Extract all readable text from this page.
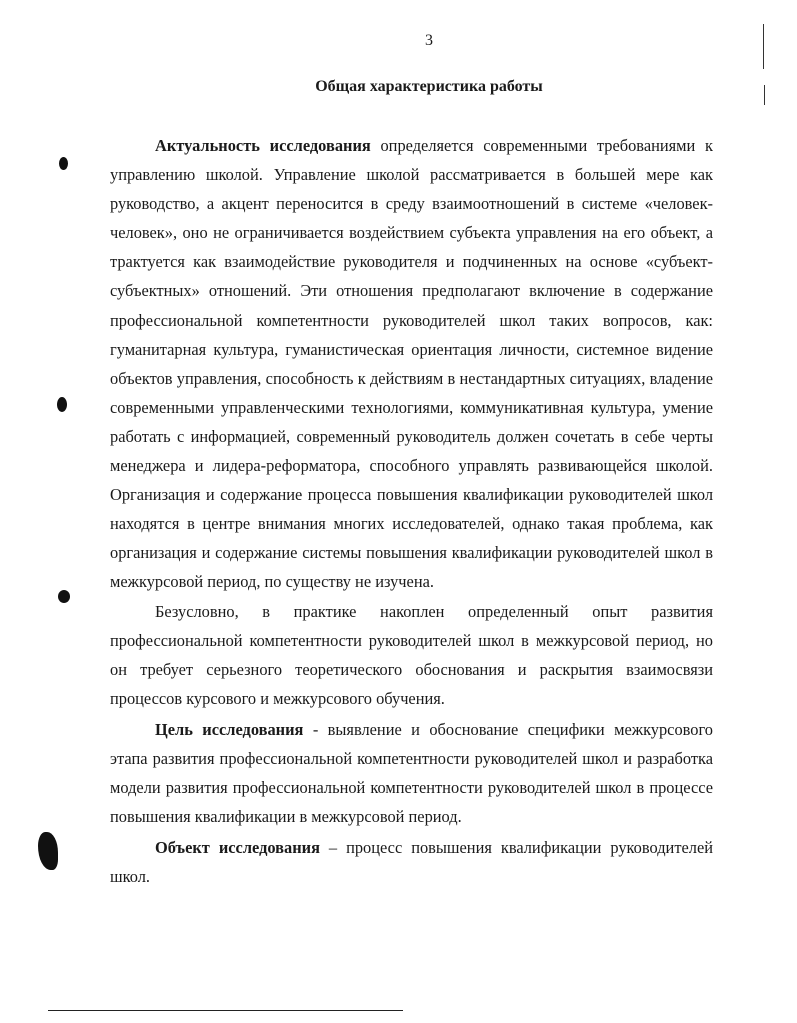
3
Общая характеристика работы

Актуальность исследования определяется современными требованиями к управлению школой. Управление школой рассматривается в большей мере как руководство, а акцент переносится в среду взаимоотношений в системе «человек-человек», оно не ограничивается воздействием субъекта управления на его объект, а трактуется как взаимодействие руководителя и подчиненных на основе «субъект-субъектных» отношений. Эти отношения предполагают включение в содержание профессиональной компетентности руководителей школ таких вопросов, как: гуманитарная культура, гуманистическая ориентация личности, системное видение объектов управления, способность к действиям в нестандартных ситуациях, владение современными управленческими технологиями, коммуникативная культура, умение работать с информацией, современный руководитель должен сочетать в себе черты менеджера и лидера-реформатора, способного управлять развивающейся школой. Организация и содержание процесса повышения квалификации руководителей школ находятся в центре внимания многих исследователей, однако такая проблема, как организация и содержание системы повышения квалификации руководителей школ в межкурсовой период, по существу не изучена.

Безусловно, в практике накоплен определенный опыт развития профессиональной компетентности руководителей школ в межкурсовой период, но он требует серьезного теоретического обоснования и раскрытия взаимосвязи процессов курсового и межкурсового обучения.

Цель исследования - выявление и обоснование специфики межкурсового этапа развития профессиональной компетентности руководителей школ и разработка модели развития профессиональной компетентности руководителей школ в процессе повышения квалификации в межкурсовой период.

Объект исследования – процесс повышения квалификации руководителей школ.
